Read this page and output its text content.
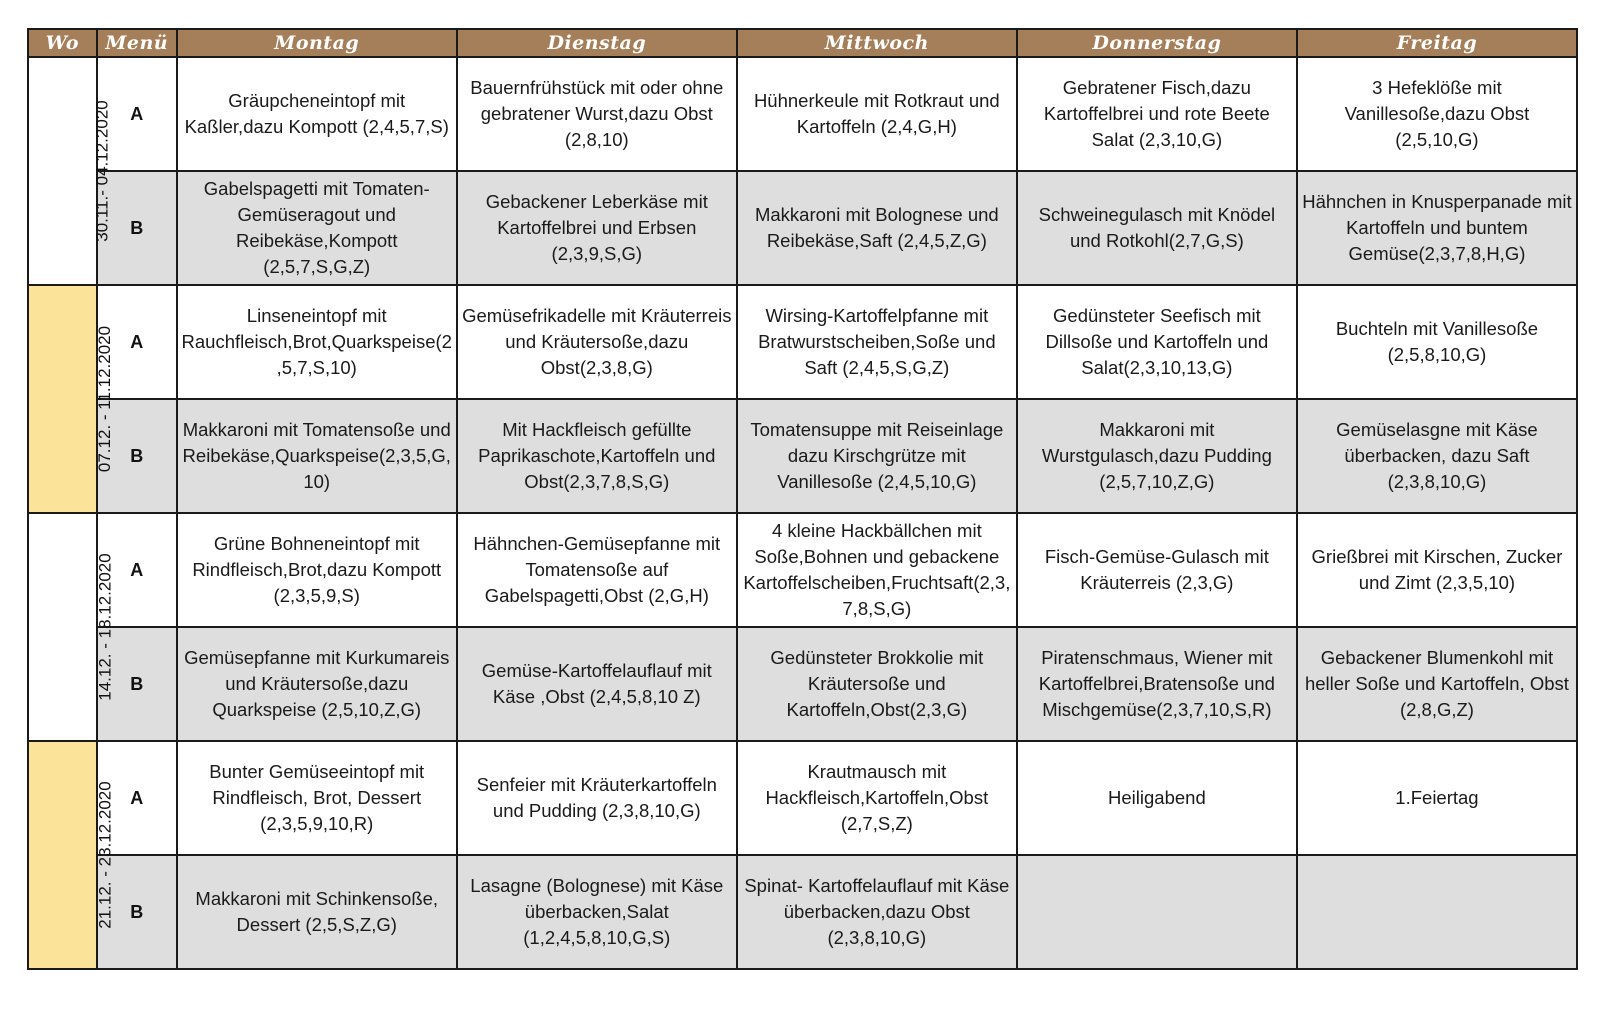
Wo	Menü	Montag	Dienstag	Mittwoch	Donnerstag	Freitag
30.11.- 04.12.2020	A	Gräupcheneintopf mit Kaßler,dazu Kompott (2,4,5,7,S)	Bauernfrühstück mit oder ohne gebratener Wurst,dazu Obst (2,8,10)	Hühnerkeule mit Rotkraut und Kartoffeln (2,4,G,H)	Gebratener Fisch,dazu Kartoffelbrei und rote Beete Salat (2,3,10,G)	3 Hefeklöße mit Vanillesoße,dazu Obst (2,5,10,G)
	B	Gabelspagetti mit Tomaten-Gemüseragout und Reibekäse,Kompott (2,5,7,S,G,Z)	Gebackener Leberkäse mit Kartoffelbrei und Erbsen (2,3,9,S,G)	Makkaroni mit Bolognese und Reibekäse,Saft (2,4,5,Z,G)	Schweinegulasch mit Knödel und Rotkohl(2,7,G,S)	Hähnchen in Knusperpanade mit Kartoffeln und buntem Gemüse(2,3,7,8,H,G)
07.12. - 11.12.2020	A	Linseneintopf mit Rauchfleisch,Brot,Quarkspeise(2,5,7,S,10)	Gemüsefrikadelle mit Kräuterreis und Kräutersoße,dazu Obst(2,3,8,G)	Wirsing-Kartoffelpfanne mit Bratwurstscheiben,Soße und Saft (2,4,5,S,G,Z)	Gedünsteter Seefisch mit Dillsoße und Kartoffeln und Salat(2,3,10,13,G)	Buchteln mit Vanillesoße (2,5,8,10,G)
	B	Makkaroni mit Tomatensoße und Reibekäse,Quarkspeise(2,3,5,G,10)	Mit Hackfleisch gefüllte Paprikaschote,Kartoffeln und Obst(2,3,7,8,S,G)	Tomatensuppe mit Reiseinlage dazu Kirschgrütze mit Vanillesoße (2,4,5,10,G)	Makkaroni mit Wurstgulasch,dazu Pudding (2,5,7,10,Z,G)	Gemüselasgne mit Käse überbacken, dazu Saft (2,3,8,10,G)
14.12. - 18.12.2020	A	Grüne Bohneneintopf mit Rindfleisch,Brot,dazu Kompott (2,3,5,9,S)	Hähnchen-Gemüsepfanne mit Tomatensoße auf Gabelspagetti,Obst (2,G,H)	4 kleine Hackbällchen mit Soße,Bohnen und gebackene Kartoffelscheiben,Fruchtsaft(2,3,7,8,S,G)	Fisch-Gemüse-Gulasch mit Kräuterreis (2,3,G)	Grießbrei mit Kirschen, Zucker und Zimt (2,3,5,10)
	B	Gemüsepfanne mit Kurkumareis und Kräutersoße,dazu Quarkspeise (2,5,10,Z,G)	Gemüse-Kartoffelauflauf mit Käse ,Obst (2,4,5,8,10 Z)	Gedünsteter Brokkolie mit Kräutersoße und Kartoffeln,Obst(2,3,G)	Piratenschmaus, Wiener mit Kartoffelbrei,Bratensoße und Mischgemüse(2,3,7,10,S,R)	Gebackener Blumenkohl mit heller Soße und Kartoffeln, Obst (2,8,G,Z)
21.12. - 23.12.2020	A	Bunter Gemüseeintopf mit Rindfleisch, Brot, Dessert (2,3,5,9,10,R)	Senfeier mit Kräuterkartoffeln und Pudding (2,3,8,10,G)	Krautmausch mit Hackfleisch,Kartoffeln,Obst (2,7,S,Z)	Heiligabend	1.Feiertag
	B	Makkaroni mit Schinkensoße, Dessert (2,5,S,Z,G)	Lasagne (Bolognese) mit Käse überbacken,Salat (1,2,4,5,8,10,G,S)	Spinat- Kartoffelauflauf mit Käse überbacken,dazu Obst (2,3,8,10,G)		
